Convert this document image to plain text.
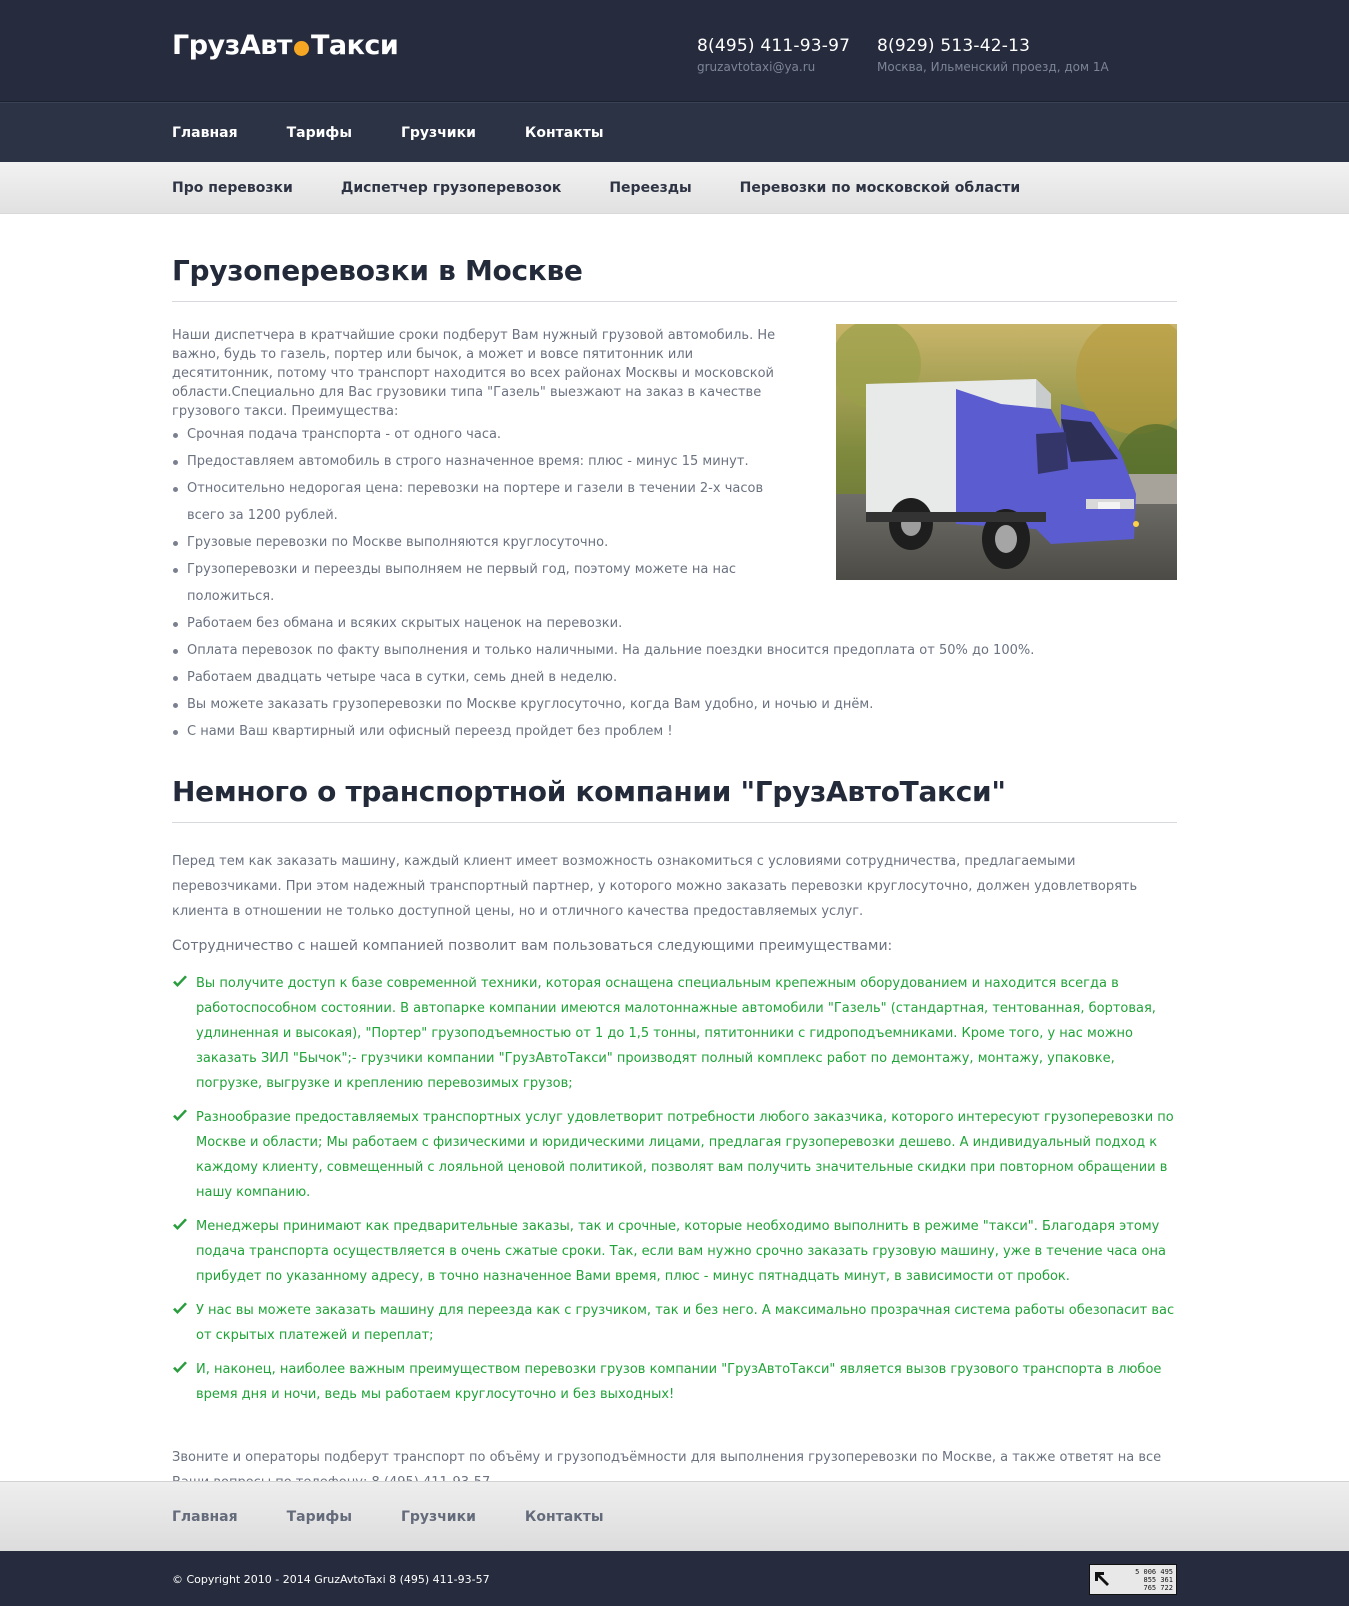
ГрузАвт Такси	8(495) 411-93-97
gruzavtotaxi@ya.ru
8(929) 513-42-13
Москва, Ильменский проезд, дом 1А
Главная	Тарифы	Грузчики	Контакты
Про перевозки	Диспетчер грузоперевозок	Переезды	Перевозки по московской области
Грузоперевозки в Москве

Наши диспетчера в кратчайшие сроки подберут Вам нужный грузовой автомобиль. Не важно, будь то газель, портер или бычок, а может и вовсе пятитонник или десятитонник, потому что транспорт находится во всех районах Москвы и московской области.Специально для Вас грузовики типа "Газель" выезжают на заказ в качестве грузового такси. Преимущества:

Срочная подача транспорта - от одного часа.
Предоставляем автомобиль в строго назначенное время: плюс - минус 15 минут.
Относительно недорогая цена: перевозки на портере и газели в течении 2-х часов всего за 1200 рублей.
Грузовые перевозки по Москве выполняются круглосуточно.
Грузоперевозки и переезды выполняем не первый год, поэтому можете на нас положиться.
Работаем без обмана и всяких скрытых наценок на перевозки.
Оплата перевозок по факту выполнения и только наличными. На дальние поездки вносится предоплата от 50% до 100%.
Работаем двадцать четыре часа в сутки, семь дней в неделю.
Вы можете заказать грузоперевозки по Москве круглосуточно, когда Вам удобно, и ночью и днём.
С нами Ваш квартирный или офисный переезд пройдет без проблем !
Немного о транспортной компании "ГрузАвтоТакси"

Перед тем как заказать машину, каждый клиент имеет возможность ознакомиться с условиями сотрудничества, предлагаемыми перевозчиками. При этом надежный транспортный партнер, у которого можно заказать перевозки круглосуточно, должен удовлетворять клиента в отношении не только доступной цены, но и отличного качества предоставляемых услуг.

Сотрудничество с нашей компанией позволит вам пользоваться следующими преимуществами:

Вы получите доступ к базе современной техники, которая оснащена специальным крепежным оборудованием и находится всегда в работоспособном состоянии. В автопарке компании имеются малотоннажные автомобили "Газель" (стандартная, тентованная, бортовая, удлиненная и высокая), "Портер" грузоподъемностью от 1 до 1,5 тонны, пятитонники с гидроподъемниками. Кроме того, у нас можно заказать ЗИЛ "Бычок";- грузчики компании "ГрузАвтоТакси" производят полный комплекс работ по демонтажу, монтажу, упаковке, погрузке, выгрузке и креплению перевозимых грузов;
Разнообразие предоставляемых транспортных услуг удовлетворит потребности любого заказчика, которого интересуют грузоперевозки по Москве и области; Мы работаем с физическими и юридическими лицами, предлагая грузоперевозки дешево. А индивидуальный подход к каждому клиенту, совмещенный с лояльной ценовой политикой, позволят вам получить значительные скидки при повторном обращении в нашу компанию.
Менеджеры принимают как предварительные заказы, так и срочные, которые необходимо выполнить в режиме "такси". Благодаря этому подача транспорта осуществляется в очень сжатые сроки. Так, если вам нужно срочно заказать грузовую машину, уже в течение часа она прибудет по указанному адресу, в точно назначенное Вами время, плюс - минус пятнадцать минут, в зависимости от пробок.
У нас вы можете заказать машину для переезда как с грузчиком, так и без него. А максимально прозрачная система работы обезопасит вас от скрытых платежей и переплат;
И, наконец, наиболее важным преимуществом перевозки грузов компании "ГрузАвтоТакси" является вызов грузового транспорта в любое время дня и ночи, ведь мы работаем круглосуточно и без выходных!

Звоните и операторы подберут транспорт по объёму и грузоподъёмности для выполнения грузоперевозки по Москве, а также ответят на все

Главная	Тарифы	Грузчики	Контакты
© Copyright 2010 - 2014 GruzAvtoTaxi 8 (495) 411-93-57
5 006 495
855 361
765 722
